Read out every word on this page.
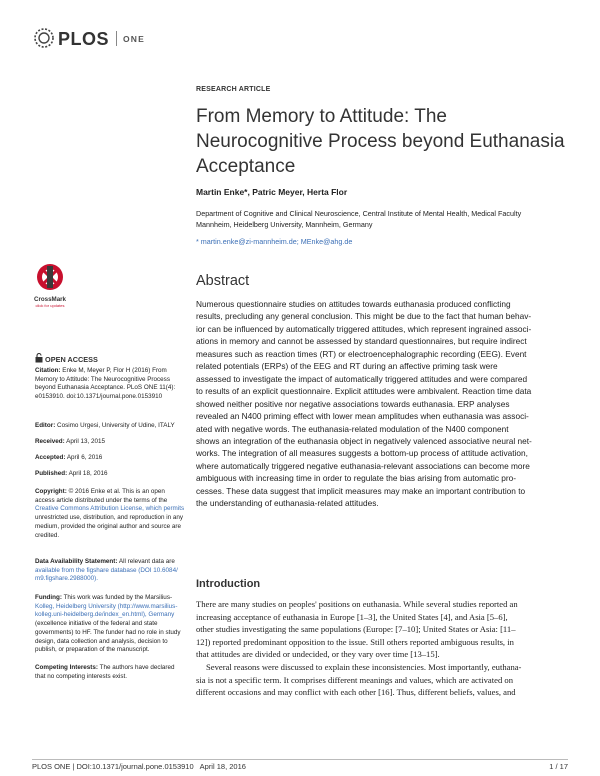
PLOS ONE
RESEARCH ARTICLE
From Memory to Attitude: The
Neurocognitive Process beyond Euthanasia
Acceptance
Martin Enke*, Patric Meyer, Herta Flor
Department of Cognitive and Clinical Neuroscience, Central Institute of Mental Health, Medical Faculty
Mannheim, Heidelberg University, Mannheim, Germany
* martin.enke@zi-mannheim.de; MEnke@ahg.de
Abstract
Numerous questionnaire studies on attitudes towards euthanasia produced conflicting
results, precluding any general conclusion. This might be due to the fact that human behav-
ior can be influenced by automatically triggered attitudes, which represent ingrained associ-
ations in memory and cannot be assessed by standard questionnaires, but require indirect
measures such as reaction times (RT) or electroencephalographic recording (EEG). Event
related potentials (ERPs) of the EEG and RT during an affective priming task were
assessed to investigate the impact of automatically triggered attitudes and were compared
to results of an explicit questionnaire. Explicit attitudes were ambivalent. Reaction time data
showed neither positive nor negative associations towards euthanasia. ERP analyses
revealed an N400 priming effect with lower mean amplitudes when euthanasia was associ-
ated with negative words. The euthanasia-related modulation of the N400 component
shows an integration of the euthanasia object in negatively valenced associative neural net-
works. The integration of all measures suggests a bottom-up process of attitude activation,
where automatically triggered negative euthanasia-relevant associations can become more
ambiguous with increasing time in order to regulate the bias arising from automatic pro-
cesses. These data suggest that implicit measures may make an important contribution to
the understanding of euthanasia-related attitudes.
Introduction

There are many studies on peoples' positions on euthanasia. While several studies reported an
increasing acceptance of euthanasia in Europe [1–3], the United States [4], and Asia [5–6],
other studies investigating the same populations (Europe: [7–10]; United States or Asia: [11–
12]) reported predominant opposition to the issue. Still others reported ambiguous results, in
that attitudes are divided or undecided, or they vary over time [13–15].

Several reasons were discussed to explain these inconsistencies. Most importantly, euthana-
sia is not a specific term. It comprises different meanings and values, which are activated on
different occasions and may conflict with each other [16]. Thus, different beliefs, values, and

CrossMark
click for updates
OPEN ACCESS
Citation: Enke M, Meyer P, Flor H (2016) From
Memory to Attitude: The Neurocognitive Process
beyond Euthanasia Acceptance. PLoS ONE 11(4):
e0153910. doi:10.1371/journal.pone.0153910
Editor: Cosimo Urgesi, University of Udine, ITALY
Received: April 13, 2015
Accepted: April 6, 2016
Published: April 18, 2016
Copyright: © 2016 Enke et al. This is an open
access article distributed under the terms of the
Creative Commons Attribution License, which permits
unrestricted use, distribution, and reproduction in any
medium, provided the original author and source are
credited.
Data Availability Statement: All relevant data are
available from the figshare database (DOI 10.6084/
m9.figshare.2988000).
Funding: This work was funded by the Marsilius-
Kolleg, Heidelberg University (http://www.marsilius-
kolleg.uni-heidelberg.de/index_en.html), Germany
(excellence initiative of the federal and state
governments) to HF. The funder had no role in study
design, data collection and analysis, decision to
publish, or preparation of the manuscript.
Competing Interests: The authors have declared
that no competing interests exist.
PLOS ONE | DOI:10.1371/journal.pone.0153910 April 18, 2016	1 / 17
